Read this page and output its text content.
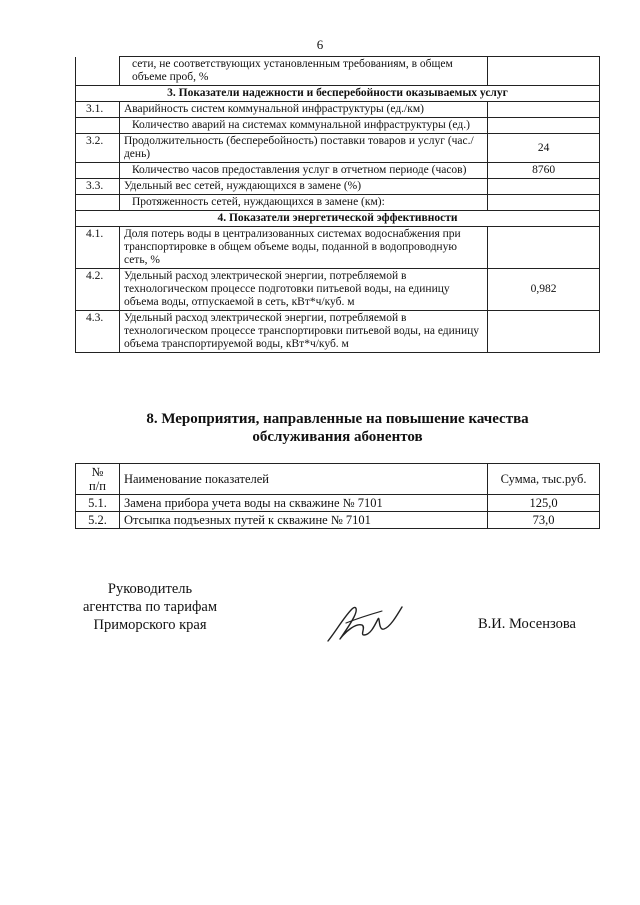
6
	сети, не соответствующих установленным требованиям, в общем объеме проб, %	
3. Показатели надежности и бесперебойности оказываемых услуг		
3.1.	Аварийность систем коммунальной инфраструктуры (ед./км)	
	Количество аварий на системах коммунальной инфраструктуры (ед.)	
3.2.	Продолжительность (бесперебойность) поставки товаров и услуг (час./день)	24
	Количество часов предоставления услуг в отчетном периоде (часов)	8760
3.3.	Удельный вес сетей, нуждающихся в замене (%)	
	Протяженность сетей, нуждающихся в замене (км):	
4. Показатели энергетической эффективности		
4.1.	Доля потерь воды в централизованных системах водоснабжения при транспортировке в общем объеме воды, поданной в водопроводную сеть, %	
4.2.	Удельный расход электрической энергии, потребляемой в технологическом процессе подготовки питьевой воды, на единицу объема воды, отпускаемой в сеть, кВт*ч/куб. м	0,982
4.3.	Удельный расход электрической энергии, потребляемой в технологическом процессе транспортировки питьевой воды, на единицу объема транспортируемой воды, кВт*ч/куб. м	
8. Мероприятия, направленные на повышение качества
обслуживания абонентов
№
п/п	Наименование показателей	Сумма, тыс.руб.
5.1.	Замена прибора учета воды на скважине № 7101	125,0
5.2.	Отсыпка подъезных путей к скважине № 7101	73,0
Руководитель
агентства по тарифам
Приморского края	В.И. Мосензова
